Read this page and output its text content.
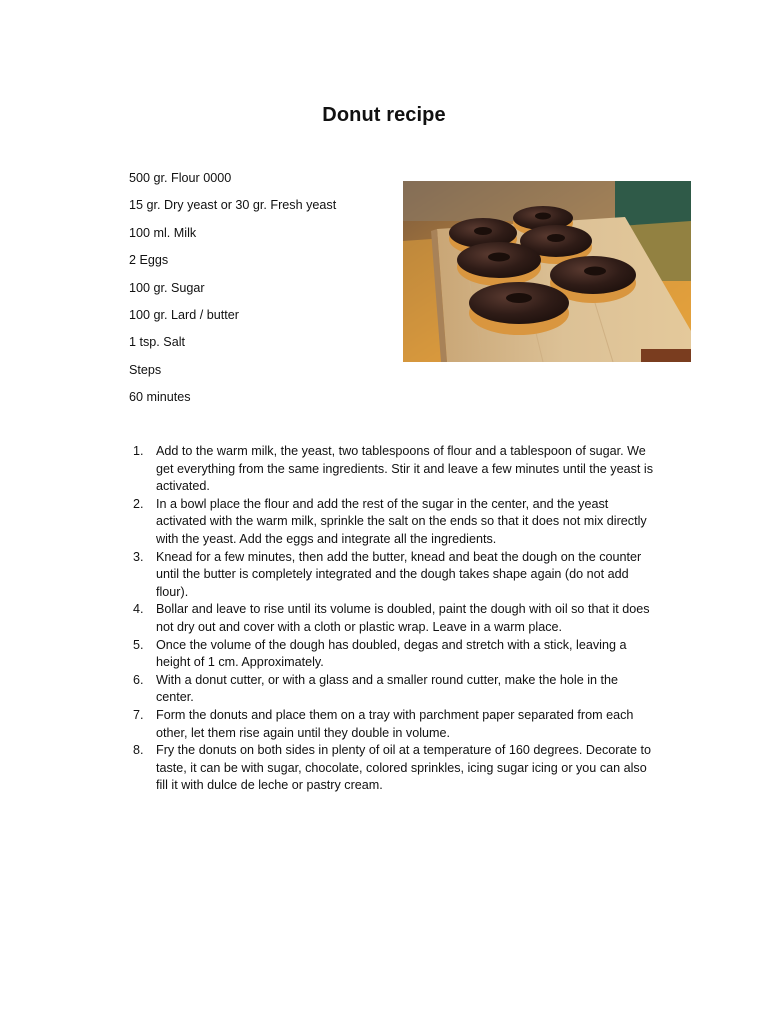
Donut recipe
500 gr. Flour 0000
15 gr. Dry yeast or 30 gr. Fresh yeast
100 ml. Milk
2 Eggs
100 gr. Sugar
100 gr. Lard / butter
1 tsp. Salt
Steps
60 minutes
1. Add to the warm milk, the yeast, two tablespoons of flour and a tablespoon of sugar. We get everything from the same ingredients. Stir it and leave a few minutes until the yeast is activated.
2. In a bowl place the flour and add the rest of the sugar in the center, and the yeast activated with the warm milk, sprinkle the salt on the ends so that it does not mix directly with the yeast. Add the eggs and integrate all the ingredients.
3. Knead for a few minutes, then add the butter, knead and beat the dough on the counter until the butter is completely integrated and the dough takes shape again (do not add flour).
4. Bollar and leave to rise until its volume is doubled, paint the dough with oil so that it does not dry out and cover with a cloth or plastic wrap. Leave in a warm place.
5. Once the volume of the dough has doubled, degas and stretch with a stick, leaving a height of 1 cm. Approximately.
6. With a donut cutter, or with a glass and a smaller round cutter, make the hole in the center.
7. Form the donuts and place them on a tray with parchment paper separated from each other, let them rise again until they double in volume.
8. Fry the donuts on both sides in plenty of oil at a temperature of 160 degrees. Decorate to taste, it can be with sugar, chocolate, colored sprinkles, icing sugar icing or you can also fill it with dulce de leche or pastry cream.
